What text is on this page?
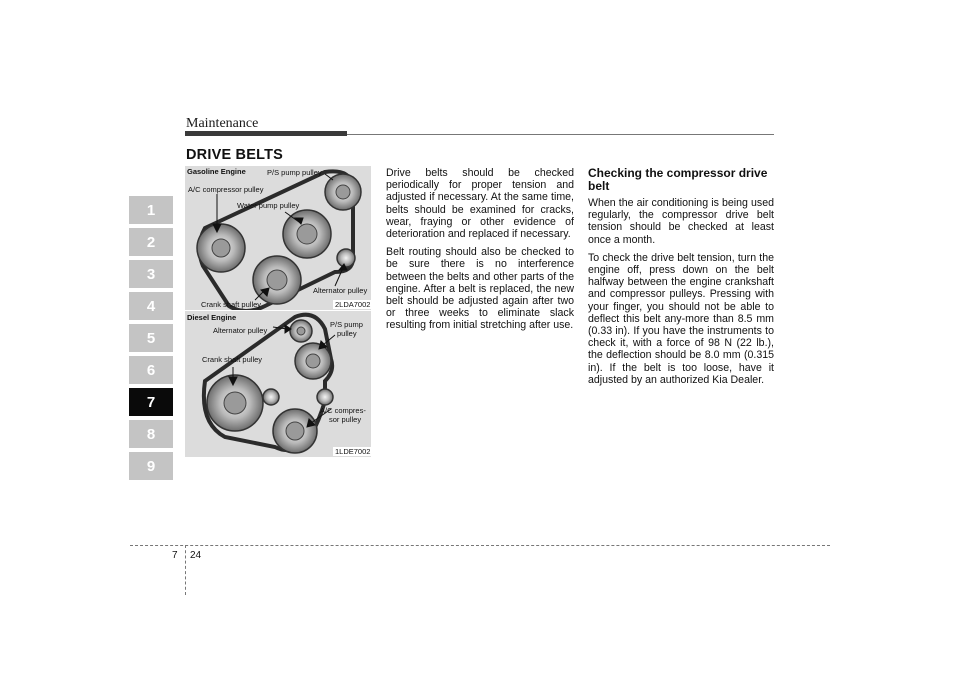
Maintenance
1
2
3
4
5
6
7
8
9
DRIVE BELTS
Gasoline Engine	P/S pump pulley
A/C compressor pulley
Water pump pulley
Alternator pulley
Crank shaft pulley	2LDA7002
Diesel Engine
Alternator pulley
P/S pump
pulley
Crank shaft pulley
A/C compres-
sor pulley
1LDE7002

Drive belts should be checked periodically for proper tension and adjusted if necessary. At the same time, belts should be examined for cracks, wear, fraying or other evidence of deterioration and replaced if necessary.

Belt routing should also be checked to be sure there is no interference between the belts and other parts of the engine. After a belt is replaced, the new belt should be adjusted again after two or three weeks to eliminate slack resulting from initial stretching after use.

Checking the compressor drive belt

When the air conditioning is being used regularly, the compressor drive belt tension should be checked at least once a month.

To check the drive belt tension, turn the engine off, press down on the belt halfway between the engine crankshaft and compressor pulleys. Pressing with your finger, you should not be able to deflect this belt any-more than 8.5 mm (0.33 in). If you have the instruments to check it, with a force of 98 N (22 lb.), the deflection should be 8.0 mm (0.315 in). If the belt is too loose, have it adjusted by an authorized Kia Dealer.

7 24
